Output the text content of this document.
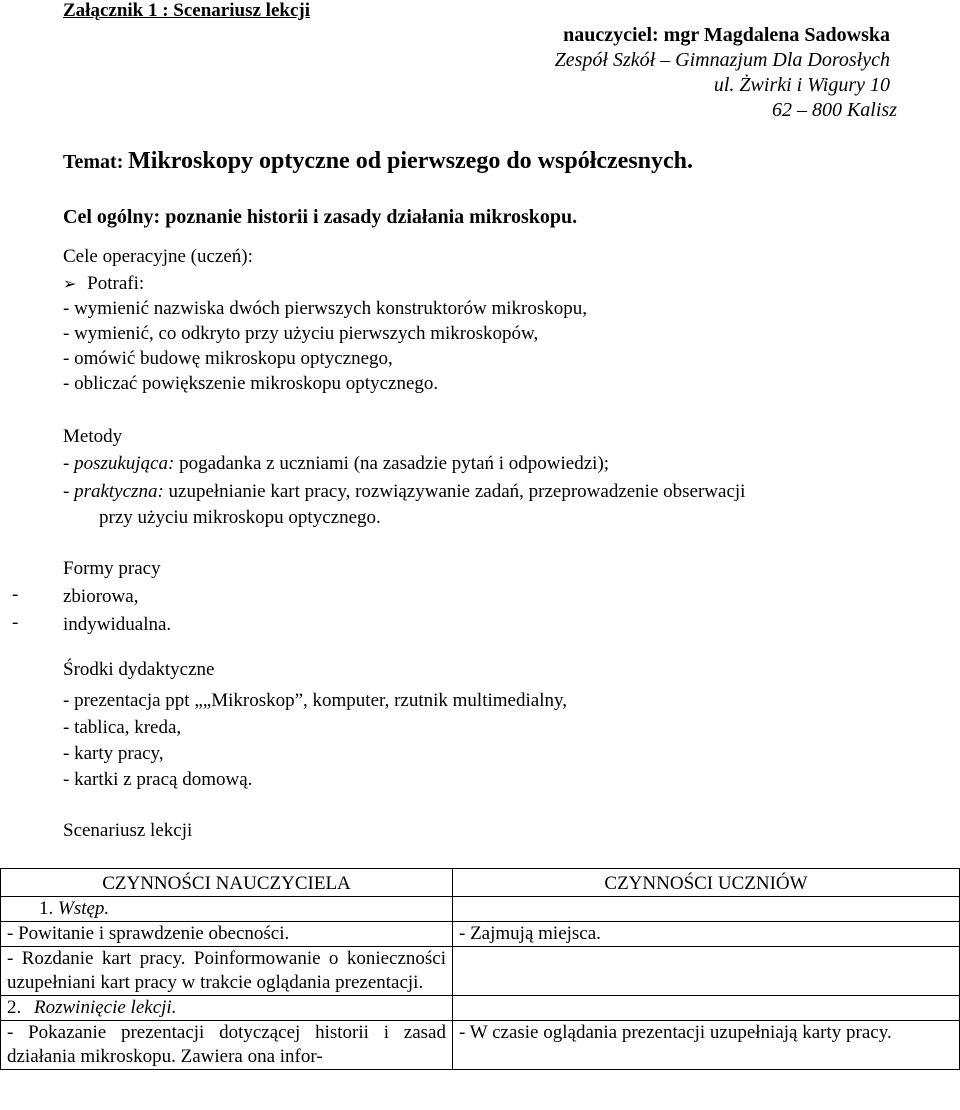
Załącznik 1 : Scenariusz lekcji
nauczyciel: mgr Magdalena Sadowska
Zespół Szkół – Gimnazjum Dla Dorosłych
ul. Żwirki i Wigury 10
62 – 800 Kalisz
Temat: Mikroskopy optyczne od pierwszego do współczesnych.
Cel ogólny: poznanie historii i zasady działania mikroskopu.
Cele operacyjne (uczeń):
➢ Potrafi:
- wymienić nazwiska dwóch pierwszych konstruktorów mikroskopu,
- wymienić, co odkryto przy użyciu pierwszych mikroskopów,
- omówić budowę mikroskopu optycznego,
- obliczać powiększenie mikroskopu optycznego.
Metody
- poszukująca: pogadanka z uczniami (na zasadzie pytań i odpowiedzi);
- praktyczna: uzupełnianie kart pracy, rozwiązywanie zadań, przeprowadzenie obserwacji
przy użyciu mikroskopu optycznego.
Formy pracy
- zbiorowa,
- indywidualna.
Środki dydaktyczne
- prezentacja ppt „„Mikroskop”, komputer, rzutnik multimedialny,
- tablica, kreda,
- karty pracy,
- kartki z pracą domową.
Scenariusz lekcji
CZYNNOŚCI NAUCZYCIELA	CZYNNOŚCI UCZNIÓW
1. Wstęp.	
- Powitanie i sprawdzenie obecności.	- Zajmują miejsca.
- Rozdanie kart pracy. Poinformowanie o konieczności uzupełniani kart pracy w trakcie oglądania prezentacji.	
2. Rozwinięcie lekcji.	
- Pokazanie prezentacji dotyczącej historii i zasad działania mikroskopu. Zawiera ona infor-	- W czasie oglądania prezentacji uzupełniają karty pracy.
